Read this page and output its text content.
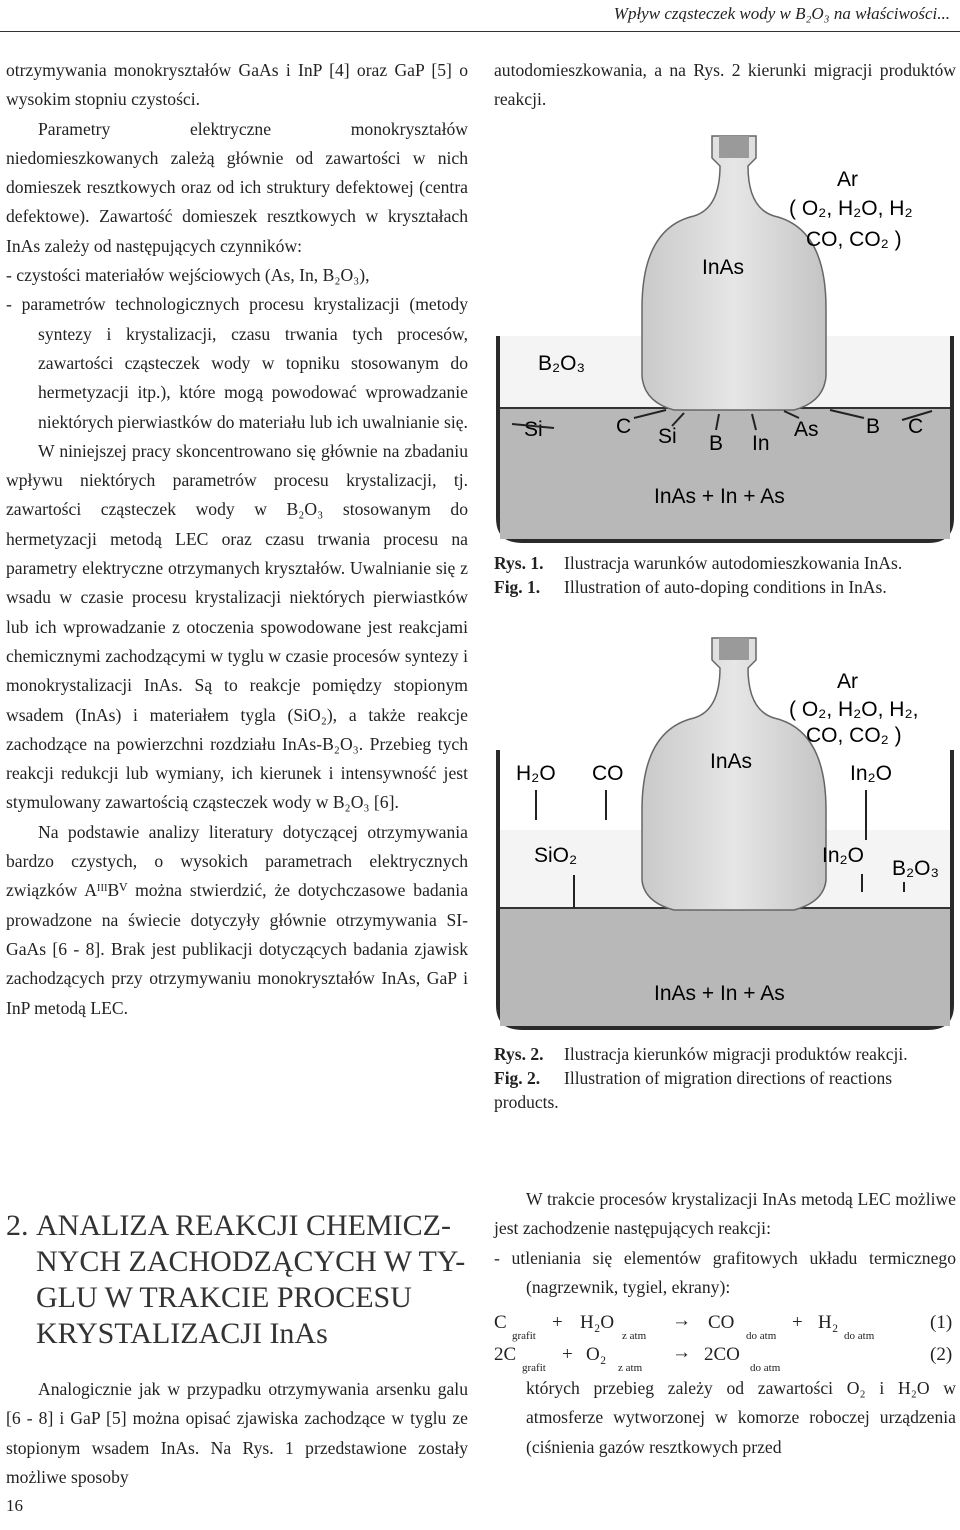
Wpływ cząsteczek wody w B₂O₃ na właściwości...

otrzymywania monokryształów GaAs i InP [4] oraz GaP [5] o wysokim stopniu czystości.

Parametry elektryczne monokryształów niedomieszkowanych zależą głównie od zawartości w nich domieszek resztkowych oraz od ich struktury defektowej (centra defektowe). Zawartość domieszek resztkowych w kryształach InAs zależy od następujących czynników:

- czystości materiałów wejściowych (As, In, B₂O₃),

- parametrów technologicznych procesu krystalizacji (metody syntezy i krystalizacji, czasu trwania tych procesów, zawartości cząsteczek wody w topniku stosowanym do hermetyzacji itp.), które mogą powodować wprowadzanie niektórych pierwiastków do materiału lub ich uwalnianie się.

W niniejszej pracy skoncentrowano się głównie na zbadaniu wpływu niektórych parametrów procesu krystalizacji, tj. zawartości cząsteczek wody w B₂O₃ stosowanym do hermetyzacji metodą LEC oraz czasu trwania procesu na parametry elektryczne otrzymanych kryształów. Uwalnianie się z wsadu w czasie procesu krystalizacji niektórych pierwiastków lub ich wprowadzanie z otoczenia spowodowane jest reakcjami chemicznymi zachodzącymi w tyglu w czasie procesów syntezy i monokrystalizacji InAs. Są to reakcje pomiędzy stopionym wsadem (InAs) i materiałem tygla (SiO₂), a także reakcje zachodzące na powierzchni rozdziału InAs-B₂O₃. Przebieg tych reakcji redukcji lub wymiany, ich kierunek i intensywność jest stymulowany zawartością cząsteczek wody w B₂O₃ [6].

Na podstawie analizy literatury dotyczącej otrzymywania bardzo czystych, o wysokich parametrach elektrycznych związków AᴵᴵᴵBⱽ można stwierdzić, że dotychczasowe badania prowadzone na świecie dotyczyły głównie otrzymywania SI-GaAs [6 - 8]. Brak jest publikacji dotyczących badania zjawisk zachodzących przy otrzymywaniu monokryształów InAs, GaP i InP metodą LEC.

autodomieszkowania, a na Rys. 2 kierunki migracji produktów reakcji.

Ar
( O₂, H₂O, H₂
CO, CO₂ )
InAs
B₂O₃
Si	C Si B In
As B C
InAs + In + As
Rys. 1. Ilustracja warunków autodomieszkowania InAs.
Fig. 1. Illustration of auto-doping conditions in InAs.
Ar
( O₂, H₂O, H₂,
CO, CO₂ )
H₂O CO
InAs
In₂O
SiO₂	In₂O
B₂O₃
InAs + In + As
Rys. 2. Ilustracja kierunków migracji produktów reakcji.
Fig. 2. Illustration of migration directions of reactions products.
2. ANALIZA REAKCJI CHEMICZ-
NYCH ZACHODZĄCYCH W TY-
GLU W TRAKCIE PROCESU
KRYSTALIZACJI InAs

Analogicznie jak w przypadku otrzymywania arsenku galu [6 - 8] i GaP [5] można opisać zjawiska zachodzące w tyglu ze stopionym wsadem InAs. Na Rys. 1 przedstawione zostały możliwe sposoby

W trakcie procesów krystalizacji InAs metodą LEC możliwe jest zachodzenie następujących reakcji:

- utleniania się elementów grafitowych układu termicznego (nagrzewnik, tygiel, ekrany):

C
grafit
+ H₂O
z atm
→ CO
do atm
+ H₂
do atm
(1)
2C
grafit
+ O₂
z atm
→ 2CO
do atm
(2)

których przebieg zależy od zawartości O₂ i H₂O w atmosferze wytworzonej w komorze roboczej urządzenia (ciśnienia gazów resztkowych przed

16
